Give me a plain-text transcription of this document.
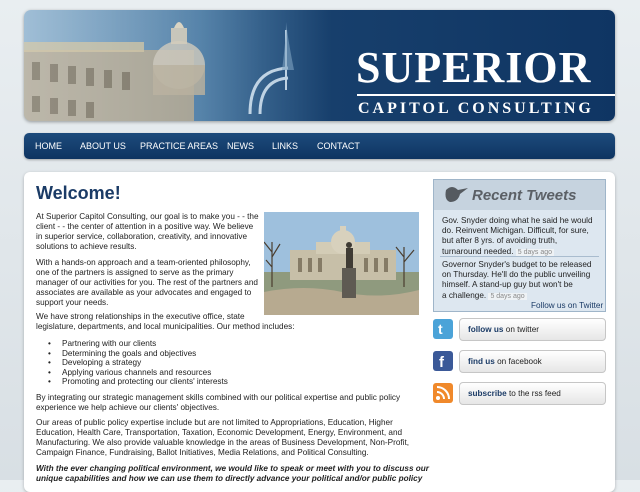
SUPERIOR
CAPITOL CONSULTING
HOME ABOUT US PRACTICE AREAS NEWS LINKS CONTACT
Welcome!

At Superior Capitol Consulting, our goal is to make you - - the

client - - the center of attention in a positive way. We believe

in superior service, collaboration, creativity, and innovative

solutions to achieve results.

With a hands-on approach and a team-oriented philosophy,

one of the partners is assigned to serve as the primary

manager of our activities for you. The rest of the partners and

associates are available as your advocates and engaged to

support your needs.

We have strong relationships in the executive office, state

legislature, departments, and local municipalities. Our method includes:

• Partnering with our clients
• Determining the goals and objectives
• Developing a strategy
• Applying various channels and resources
• Promoting and protecting our clients' interests

By integrating our strategic management skills combined with our political expertise and public policy

experience we help achieve our clients' objectives.

Our areas of public policy expertise include but are not limited to Appropriations, Education, Higher

Education, Health Care, Transportation, Taxation, Economic Development, Energy, Environment, and

Manufacturing. We also provide valuable knowledge in the areas of Business Development, Non-Profit,

Campaign Finance, Fundraising, Ballot Initiatives, Media Relations, and Political Consulting.

With the ever changing political environment, we would like to speak or meet with you to discuss our

unique capabilities and how we can use them to directly advance your political and/or public policy

Recent Tweets
Gov. Snyder doing what he said he would
do. Reinvent Michigan. Difficult, for sure,
but after 8 yrs. of avoiding truth,
turnaround needed. 5 days ago
Governor Snyder's budget to be released
on Thursday. He'll do the public unveiling
himself. A stand-up guy but won't be
a challenge. 5 days ago
Follow us on Twitter
t	follow us on twitter
f	find us on facebook
subscribe to the rss feed
